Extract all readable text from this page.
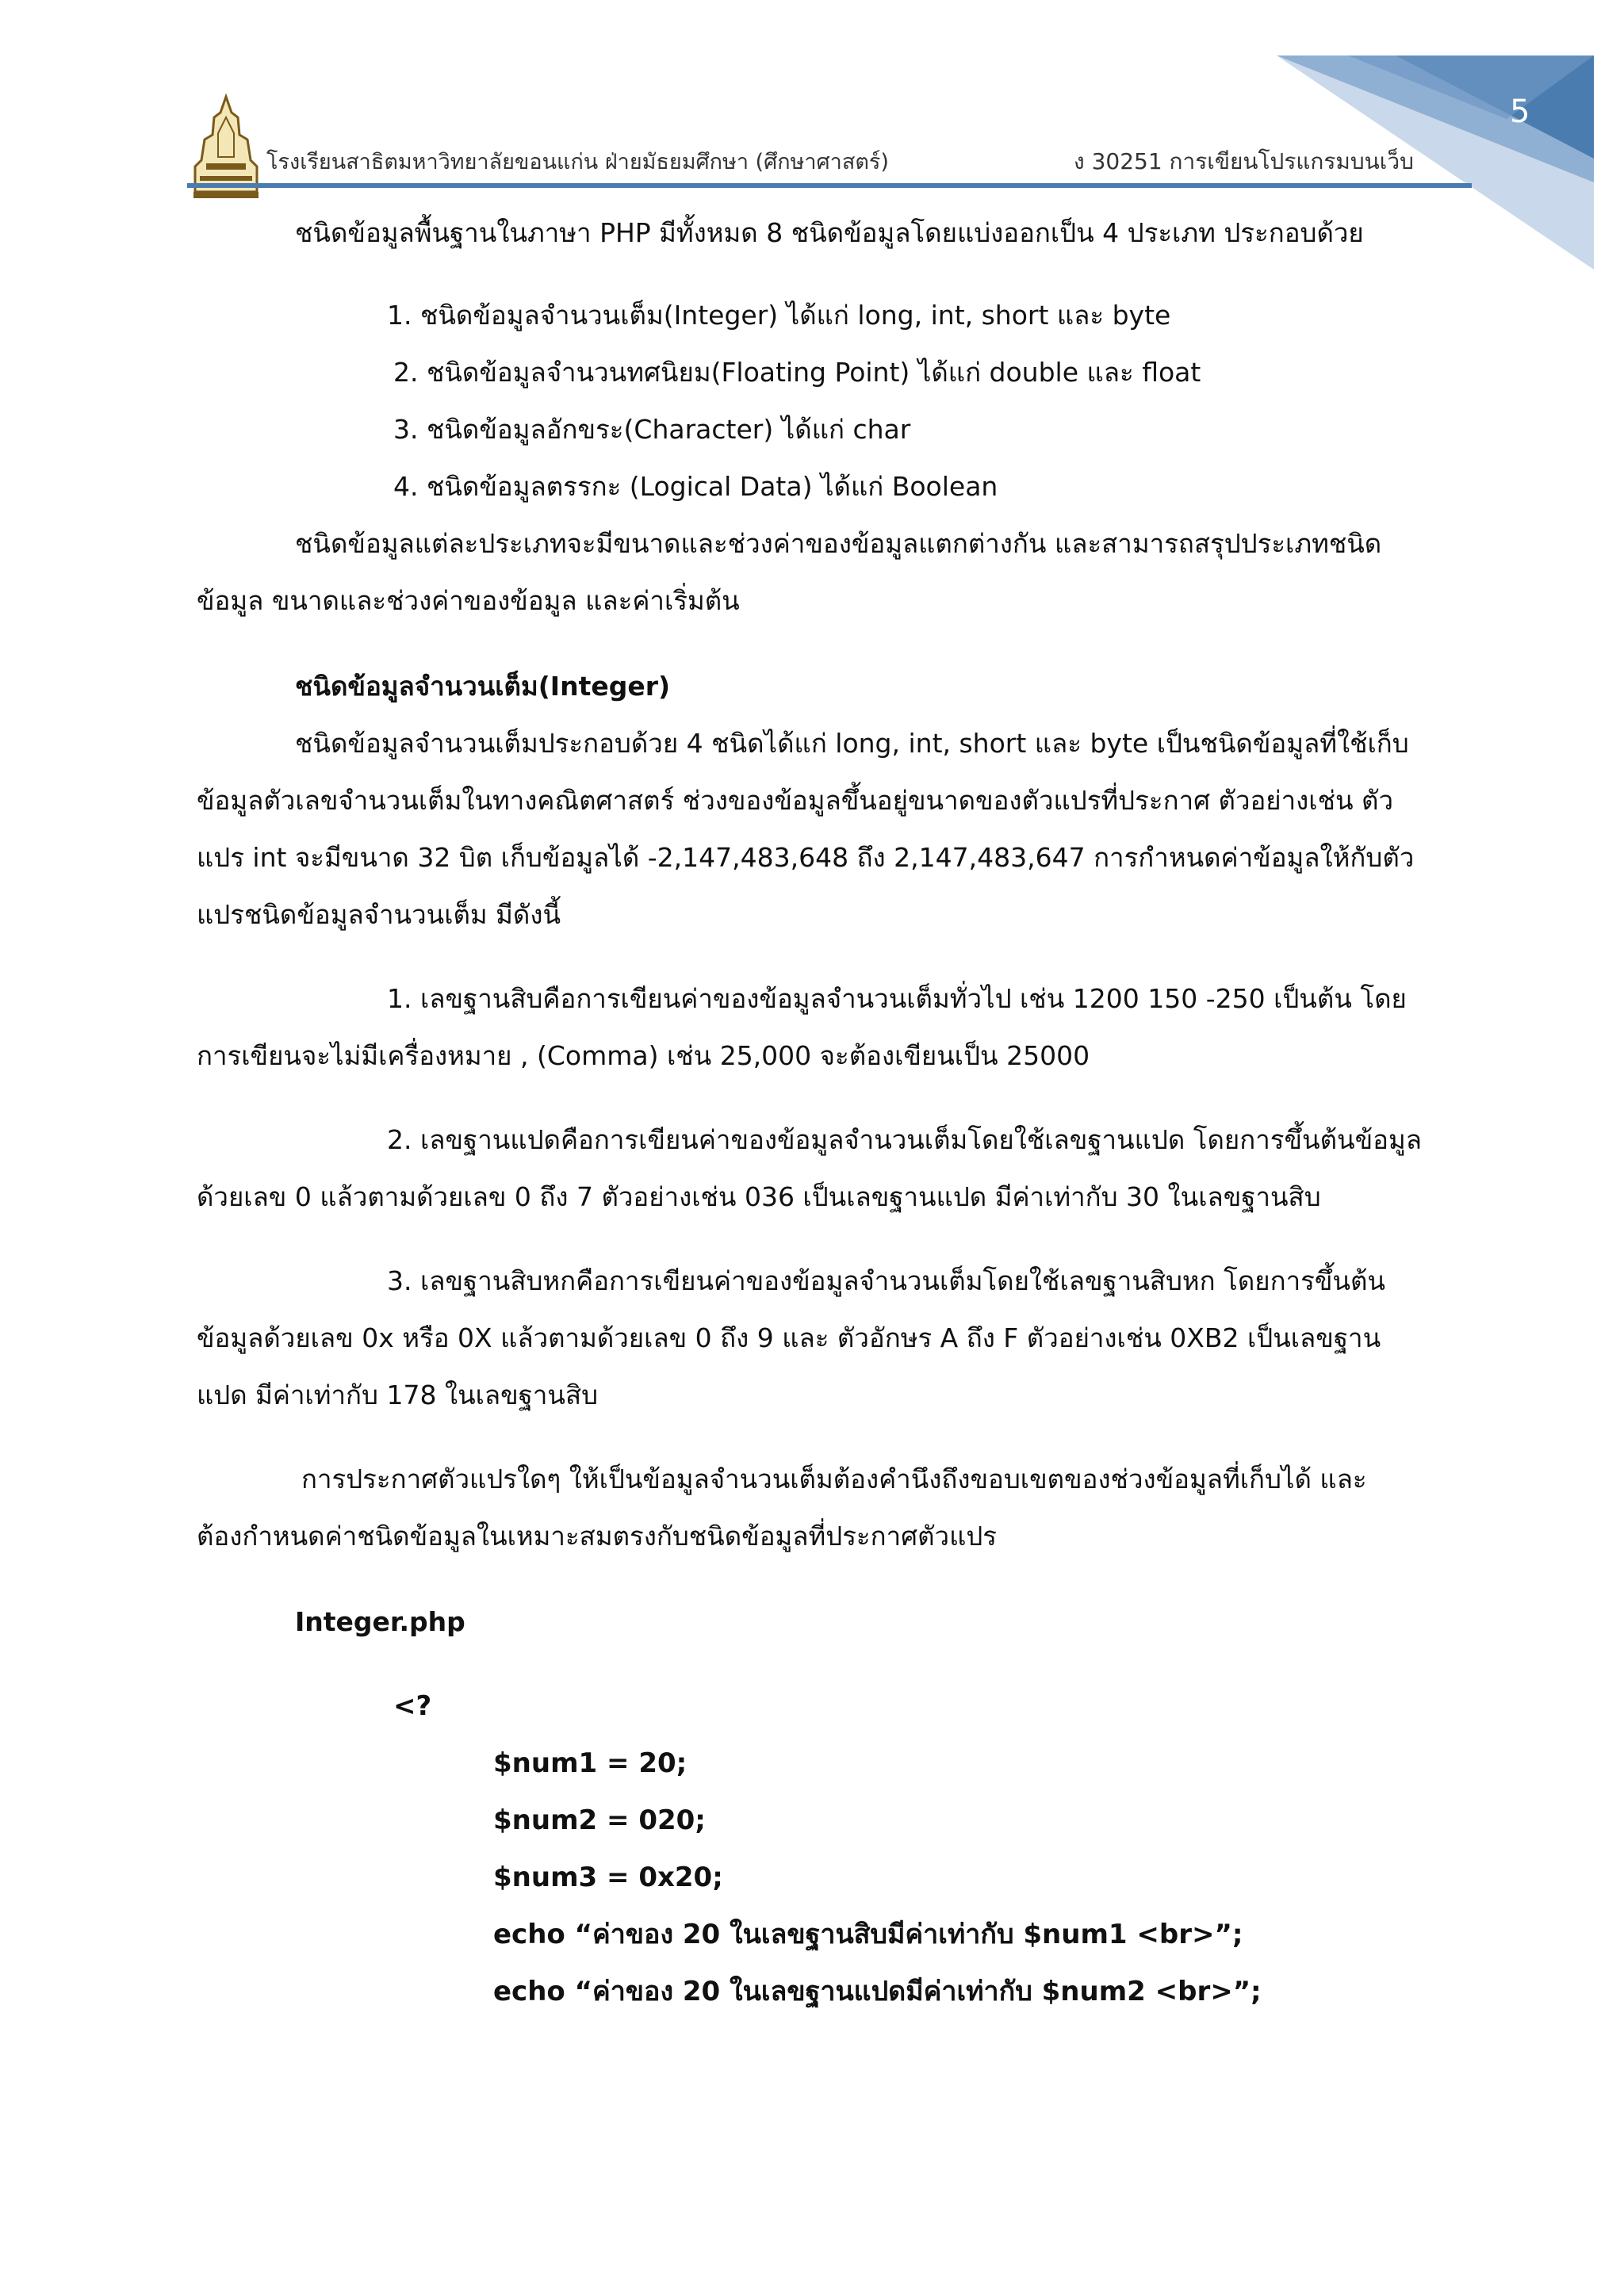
5
โรงเรียนสาธิตมหาวิทยาลัยขอนแก่น ฝ่ายมัธยมศึกษา (ศึกษาศาสตร์)	ง 30251 การเขียนโปรแกรมบนเว็บ
ชนิดข้อมูลพื้นฐานในภาษา PHP มีทั้งหมด 8 ชนิดข้อมูลโดยแบ่งออกเป็น 4 ประเภท ประกอบด้วย
1. ชนิดข้อมูลจำนวนเต็ม(Integer) ได้แก่ long, int, short และ byte
2. ชนิดข้อมูลจำนวนทศนิยม(Floating Point) ได้แก่ double และ float
3. ชนิดข้อมูลอักขระ(Character) ได้แก่ char
4. ชนิดข้อมูลตรรกะ (Logical Data) ได้แก่ Boolean
ชนิดข้อมูลแต่ละประเภทจะมีขนาดและช่วงค่าของข้อมูลแตกต่างกัน และสามารถสรุปประเภทชนิด
ข้อมูล ขนาดและช่วงค่าของข้อมูล และค่าเริ่มต้น
ชนิดข้อมูลจำนวนเต็ม(Integer)
ชนิดข้อมูลจำนวนเต็มประกอบด้วย 4 ชนิดได้แก่ long, int, short และ byte เป็นชนิดข้อมูลที่ใช้เก็บ
ข้อมูลตัวเลขจำนวนเต็มในทางคณิตศาสตร์ ช่วงของข้อมูลขึ้นอยู่ขนาดของตัวแปรที่ประกาศ ตัวอย่างเช่น ตัว
แปร int จะมีขนาด 32 บิต เก็บข้อมูลได้ -2,147,483,648 ถึง 2,147,483,647 การกำหนดค่าข้อมูลให้กับตัว
แปรชนิดข้อมูลจำนวนเต็ม มีดังนี้
1. เลขฐานสิบคือการเขียนค่าของข้อมูลจำนวนเต็มทั่วไป เช่น 1200 150 -250 เป็นต้น โดย
การเขียนจะไม่มีเครื่องหมาย , (Comma) เช่น 25,000 จะต้องเขียนเป็น 25000
2. เลขฐานแปดคือการเขียนค่าของข้อมูลจำนวนเต็มโดยใช้เลขฐานแปด โดยการขึ้นต้นข้อมูล
ด้วยเลข 0 แล้วตามด้วยเลข 0 ถึง 7 ตัวอย่างเช่น 036 เป็นเลขฐานแปด มีค่าเท่ากับ 30 ในเลขฐานสิบ
3. เลขฐานสิบหกคือการเขียนค่าของข้อมูลจำนวนเต็มโดยใช้เลขฐานสิบหก โดยการขึ้นต้น
ข้อมูลด้วยเลข 0x หรือ 0X แล้วตามด้วยเลข 0 ถึง 9 และ ตัวอักษร A ถึง F ตัวอย่างเช่น 0XB2 เป็นเลขฐาน
แปด มีค่าเท่ากับ 178 ในเลขฐานสิบ
การประกาศตัวแปรใดๆ ให้เป็นข้อมูลจำนวนเต็มต้องคำนึงถึงขอบเขตของช่วงข้อมูลที่เก็บได้ และ
ต้องกำหนดค่าชนิดข้อมูลในเหมาะสมตรงกับชนิดข้อมูลที่ประกาศตัวแปร
Integer.php
<?
$num1 = 20;
$num2 = 020;
$num3 = 0x20;
echo “ค่าของ 20 ในเลขฐานสิบมีค่าเท่ากับ $num1 <br>”;
echo “ค่าของ 20 ในเลขฐานแปดมีค่าเท่ากับ $num2 <br>”;
